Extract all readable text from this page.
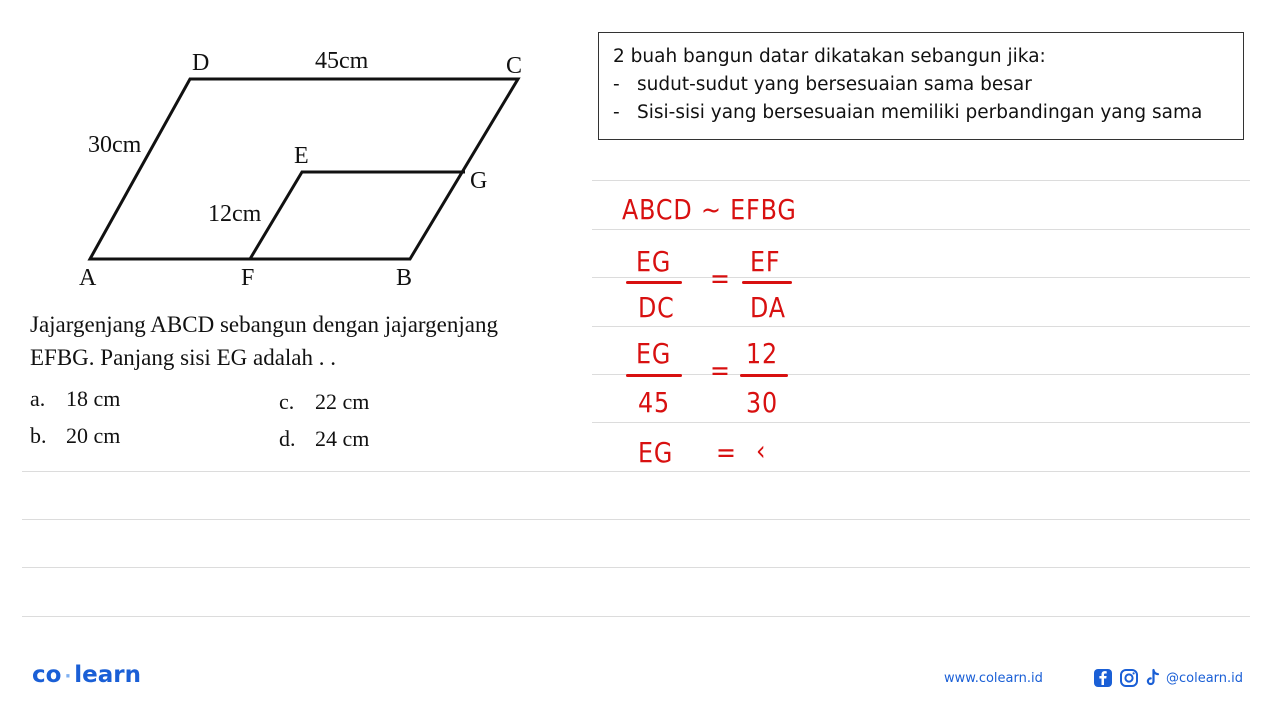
D	C
A	F	B
E
G
45cm
30cm
12cm
Jajargenjang ABCD sebangun dengan jajargenjang
EFBG. Panjang sisi EG adalah . .
a. 18 cm
b. 20 cm
c. 22 cm
d. 24 cm
2 buah bangun datar dikatakan sebangun jika:
- sudut-sudut yang bersesuaian sama besar
- Sisi-sisi yang bersesuaian memiliki perbandingan yang sama
ABCD ~ EFBG
EG
DC
=
EF
DA
EG
45
=
12
30
EG = ‹
co · learn	www.colearn.id	@colearn.id
